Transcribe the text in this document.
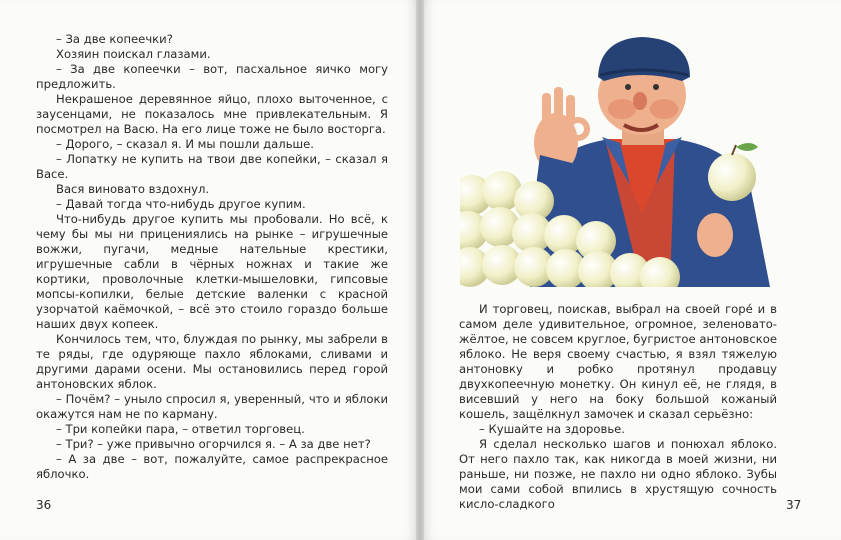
– За две копеечки?

Хозяин поискал глазами.

– За две копеечки – вот, пасхальное яичко могу предложить.

Некрашеное деревянное яйцо, плохо выточенное, с заусенцами, не показалось мне привлекательным. Я посмотрел на Васю. На его лице тоже не было восторга.

– Дорого, – сказал я. И мы пошли дальше.

– Лопатку не купить на твои две копейки, – сказал я Васе.

Вася виновато вздохнул.

– Давай тогда что-нибудь другое купим.

Что-нибудь другое купить мы пробовали. Но всё, к чему бы мы ни прицениялись на рынке – игрушечные вожжи, пугачи, медные нательные крестики, игрушечные сабли в чёрных ножнах и такие же кортики, проволочные клетки-мышеловки, гипсовые мопсы-копилки, белые детские валенки с красной узорчатой каёмочкой, – всё это стоило гораздо больше наших двух копеек.

Кончилось тем, что, блуждая по рынку, мы забрели в те ряды, где одуряюще пахло яблоками, сливами и другими дарами осени. Мы остановились перед горой антоновских яблок.

– Почём? – уныло спросил я, уверенный, что и яблоки окажутся нам не по карману.

– Три копейки пара, – ответил торговец.

– Три? – уже привычно огорчился я. – А за две нет?

– А за две – вот, пожалуйте, самое распрекрасное яблочко.

36

И торговец, поискав, выбрал на своей горе́ и в самом деле удивительное, огромное, зеленовато-жёлтое, не совсем круглое, бугристое антоновское яблоко. Не веря своему счастью, я взял тяжелую антоновку и робко протянул продавцу двухкопеечную монетку. Он кинул её, не глядя, в висевший у него на боку большой кожаный кошель, защёлкнул замочек и сказал серьёзно:

– Кушайте на здоровье.

Я сделал несколько шагов и понюхал яблоко. От него пахло так, как никогда в моей жизни, ни раньше, ни позже, не пахло ни одно яблоко. Зубы мои сами собой впились в хрустящую сочность кисло-сладкого	37
